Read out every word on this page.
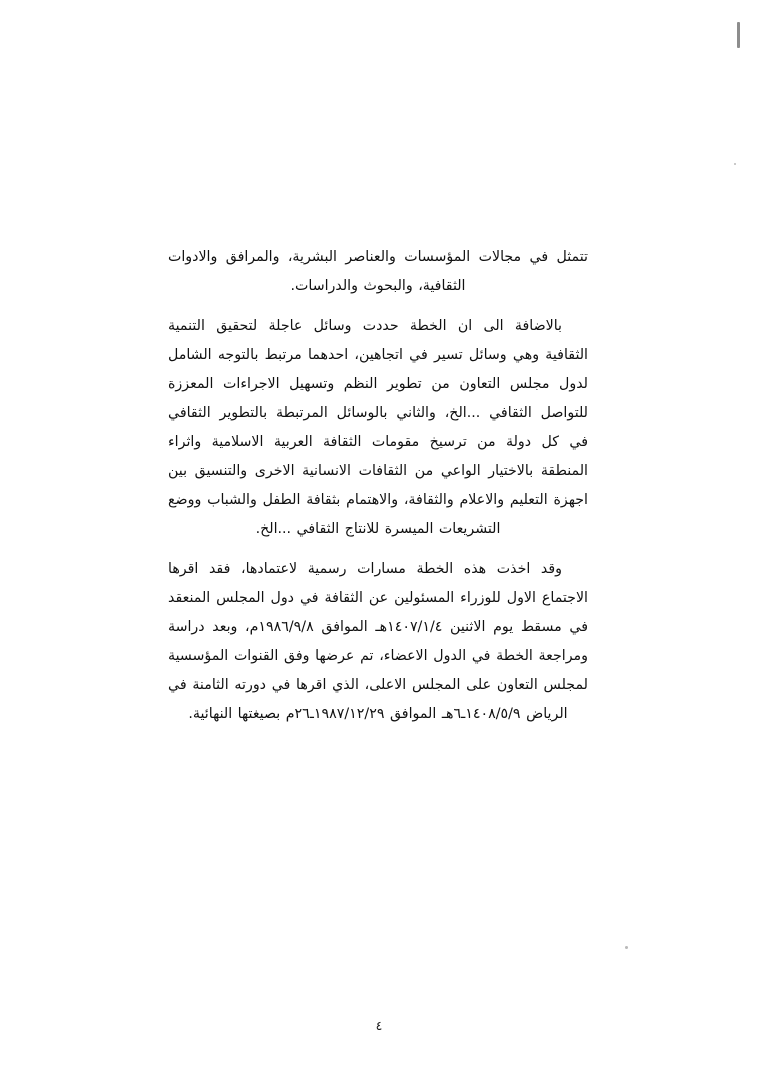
تتمثل في مجالات المؤسسات والعناصر البشرية، والمرافق والادوات الثقافية، والبحوث والدراسات.

بالاضافة الى ان الخطة حددت وسائل عاجلة لتحقيق التنمية الثقافية وهي وسائل تسير في اتجاهين، احدهما مرتبط بالتوجه الشامل لدول مجلس التعاون من تطوير النظم وتسهيل الاجراءات المعززة للتواصل الثقافي ...الخ، والثاني بالوسائل المرتبطة بالتطوير الثقافي في كل دولة من ترسيخ مقومات الثقافة العربية الاسلامية واثراء المنطقة بالاختيار الواعي من الثقافات الانسانية الاخرى والتنسيق بين اجهزة التعليم والاعلام والثقافة، والاهتمام بثقافة الطفل والشباب ووضع التشريعات الميسرة للانتاج الثقافي ...الخ.

وقد اخذت هذه الخطة مسارات رسمية لاعتمادها، فقد اقرها الاجتماع الاول للوزراء المسئولين عن الثقافة في دول المجلس المنعقد في مسقط يوم الاثنين ١٤٠٧/١/٤هـ الموافق ١٩٨٦/٩/٨م، وبعد دراسة ومراجعة الخطة في الدول الاعضاء، تم عرضها وفق القنوات المؤسسية لمجلس التعاون على المجلس الاعلى، الذي اقرها في دورته الثامنة في الرياض ١٤٠٨/٥/٩ـ٦هـ الموافق ١٩٨٧/١٢/٢٩ـ٢٦م بصيغتها النهائية.

٤
